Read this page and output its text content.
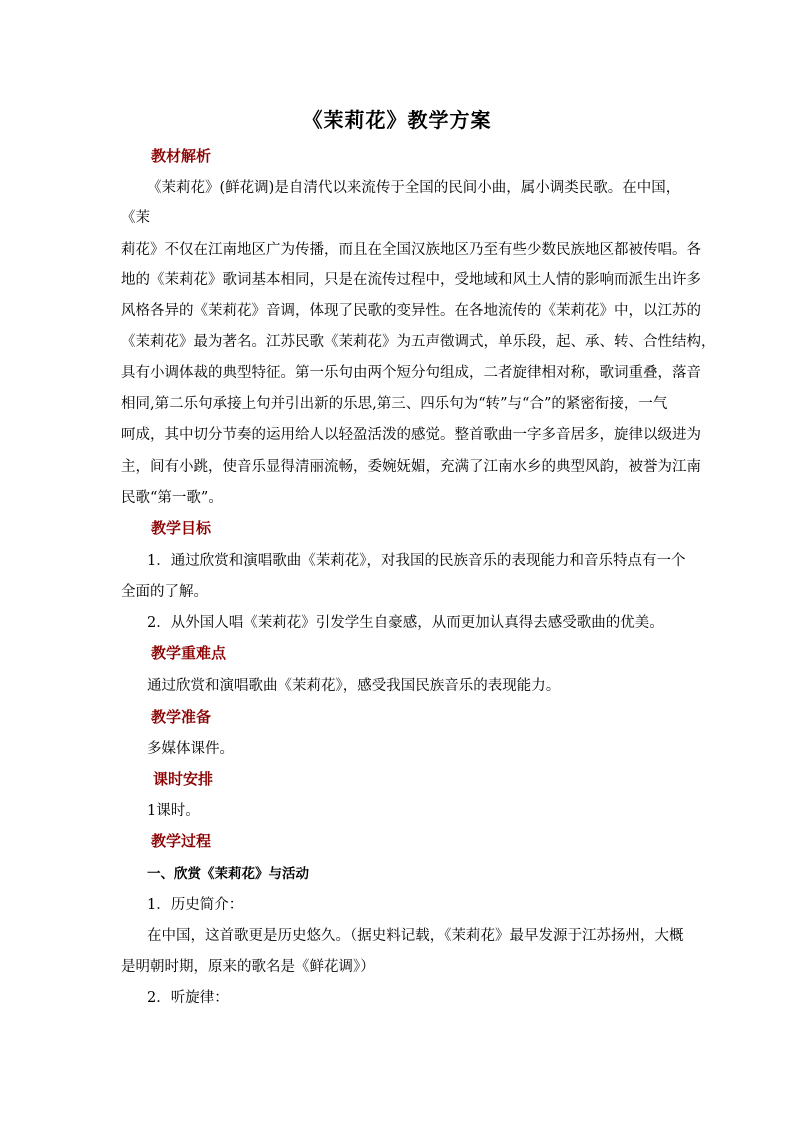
《茉莉花》教学方案
教材解析
《茉莉花》(鲜花调)是自清代以来流传于全国的民间小曲，属小调类民歌。在中国，
《茉
莉花》不仅在江南地区广为传播，而且在全国汉族地区乃至有些少数民族地区都被传唱。各
地的《茉莉花》歌词基本相同，只是在流传过程中，受地域和风土人情的影响而派生出许多
风格各异的《茉莉花》音调，体现了民歌的变异性。在各地流传的《茉莉花》中，以江苏的
《茉莉花》最为著名。江苏民歌《茉莉花》为五声徵调式，单乐段，起、承、转、合性结构，
具有小调体裁的典型特征。第一乐句由两个短分句组成，二者旋律相对称，歌词重叠，落音
相同,第二乐句承接上句并引出新的乐思,第三、四乐句为“转”与“合”的紧密衔接，一气
呵成，其中切分节奏的运用给人以轻盈活泼的感觉。整首歌曲一字多音居多，旋律以级进为
主，间有小跳，使音乐显得清丽流畅，委婉妩媚，充满了江南水乡的典型风韵，被誉为江南
民歌“第一歌”。
教学目标
1．通过欣赏和演唱歌曲《茉莉花》，对我国的民族音乐的表现能力和音乐特点有一个
全面的了解。
2．从外国人唱《茉莉花》引发学生自豪感，从而更加认真得去感受歌曲的优美。
教学重难点
通过欣赏和演唱歌曲《茉莉花》，感受我国民族音乐的表现能力。
教学准备
多媒体课件。
课时安排
1课时。
教学过程
一、欣赏《茉莉花》与活动
1．历史简介：
在中国，这首歌更是历史悠久。（据史料记载，《茉莉花》最早发源于江苏扬州，大概
是明朝时期，原来的歌名是《鲜花调》）
2．听旋律：
